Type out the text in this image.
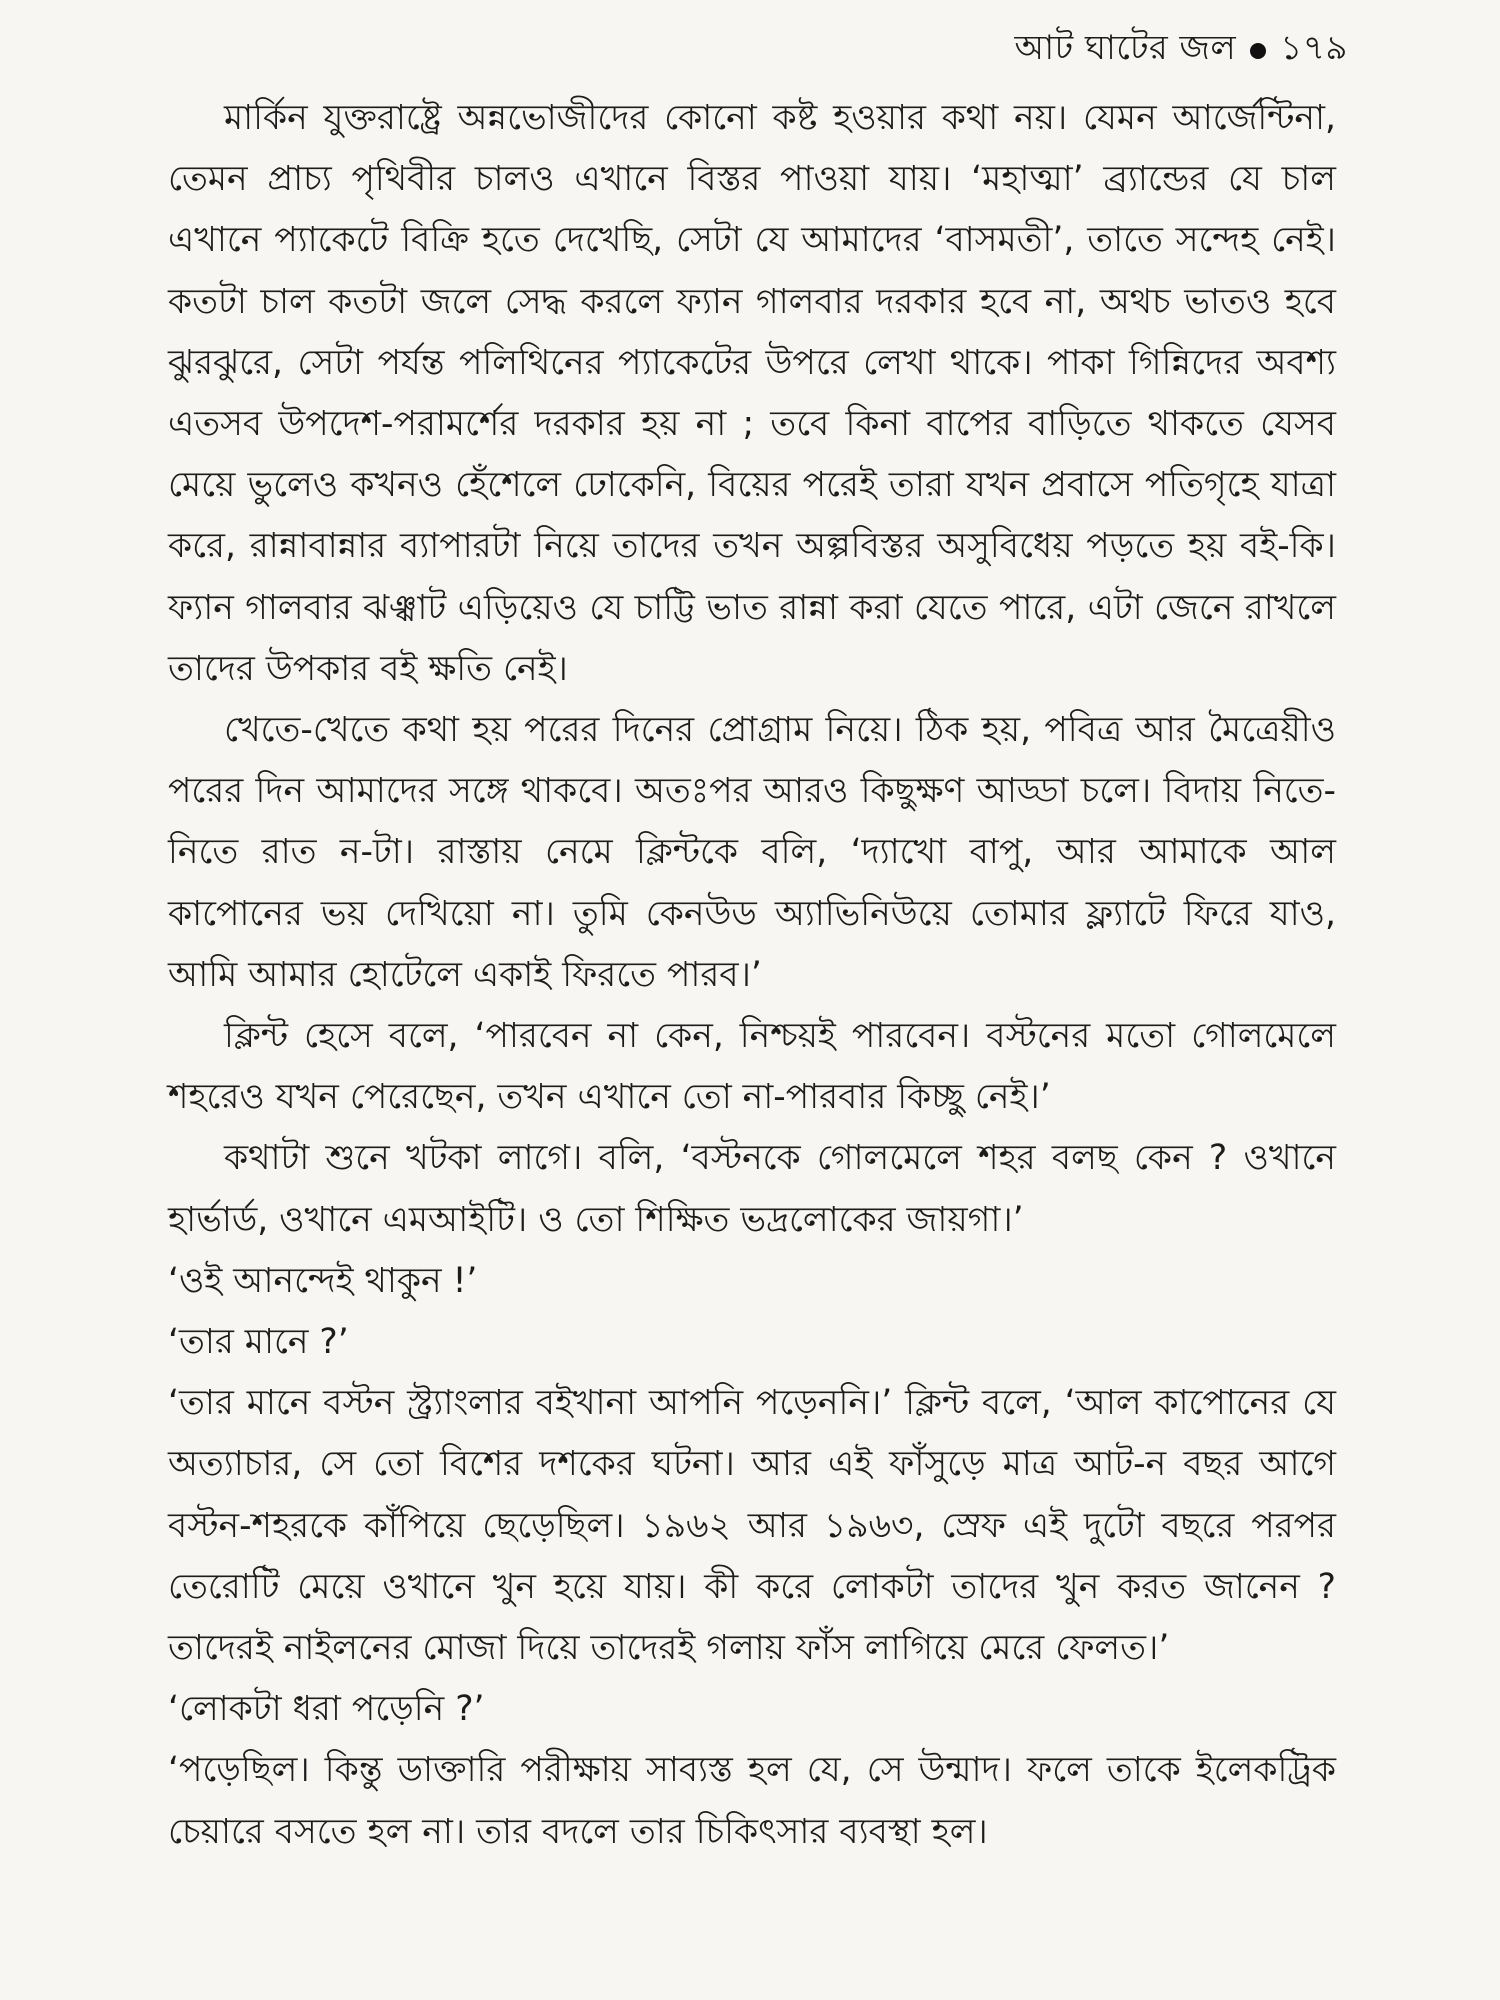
আট ঘাটের জল ১৭৯

মার্কিন যুক্তরাষ্ট্রে অন্নভোজীদের কোনো কষ্ট হওয়ার কথা নয়। যেমন আর্জেন্টিনা, তেমন প্রাচ্য পৃথিবীর চালও এখানে বিস্তর পাওয়া যায়। ‘মহাত্মা’ ব্র্যান্ডের যে চাল এখানে প্যাকেটে বিক্রি হতে দেখেছি, সেটা যে আমাদের ‘বাসমতী’, তাতে সন্দেহ নেই। কতটা চাল কতটা জলে সেদ্ধ করলে ফ্যান গালবার দরকার হবে না, অথচ ভাতও হবে ঝুরঝুরে, সেটা পর্যন্ত পলিথিনের প্যাকেটের উপরে লেখা থাকে। পাকা গিন্নিদের অবশ্য এতসব উপদেশ-পরামর্শের দরকার হয় না ; তবে কিনা বাপের বাড়িতে থাকতে যেসব মেয়ে ভুলেও কখনও হেঁশেলে ঢোকেনি, বিয়ের পরেই তারা যখন প্রবাসে পতিগৃহে যাত্রা করে, রান্নাবান্নার ব্যাপারটা নিয়ে তাদের তখন অল্পবিস্তর অসুবিধেয় পড়তে হয় বই-কি। ফ্যান গালবার ঝঞ্ঝাট এড়িয়েও যে চাট্টি ভাত রান্না করা যেতে পারে, এটা জেনে রাখলে তাদের উপকার বই ক্ষতি নেই।

খেতে-খেতে কথা হয় পরের দিনের প্রোগ্রাম নিয়ে। ঠিক হয়, পবিত্র আর মৈত্রেয়ীও পরের দিন আমাদের সঙ্গে থাকবে। অতঃপর আরও কিছুক্ষণ আড্ডা চলে। বিদায় নিতে-নিতে রাত ন-টা। রাস্তায় নেমে ক্লিন্টকে বলি, ‘দ্যাখো বাপু, আর আমাকে আল কাপোনের ভয় দেখিয়ো না। তুমি কেনউড অ্যাভিনিউয়ে তোমার ফ্ল্যাটে ফিরে যাও, আমি আমার হোটেলে একাই ফিরতে পারব।’

ক্লিন্ট হেসে বলে, ‘পারবেন না কেন, নিশ্চয়ই পারবেন। বস্টনের মতো গোলমেলে শহরেও যখন পেরেছেন, তখন এখানে তো না-পারবার কিচ্ছু নেই।’

কথাটা শুনে খটকা লাগে। বলি, ‘বস্টনকে গোলমেলে শহর বলছ কেন ? ওখানে হার্ভার্ড, ওখানে এমআইটি। ও তো শিক্ষিত ভদ্রলোকের জায়গা।’

‘ওই আনন্দেই থাকুন !’

‘তার মানে ?’

‘তার মানে বস্টন স্ট্র্যাংলার বইখানা আপনি পড়েননি।’ ক্লিন্ট বলে, ‘আল কাপোনের যে অত্যাচার, সে তো বিশের দশকের ঘটনা। আর এই ফাঁসুড়ে মাত্র আট-ন বছর আগে বস্টন-শহরকে কাঁপিয়ে ছেড়েছিল। ১৯৬২ আর ১৯৬৩, স্রেফ এই দুটো বছরে পরপর তেরোটি মেয়ে ওখানে খুন হয়ে যায়। কী করে লোকটা তাদের খুন করত জানেন ? তাদেরই নাইলনের মোজা দিয়ে তাদেরই গলায় ফাঁস লাগিয়ে মেরে ফেলত।’

‘লোকটা ধরা পড়েনি ?’

‘পড়েছিল। কিন্তু ডাক্তারি পরীক্ষায় সাব্যস্ত হল যে, সে উন্মাদ। ফলে তাকে ইলেকট্রিক চেয়ারে বসতে হল না। তার বদলে তার চিকিৎসার ব্যবস্থা হল।
